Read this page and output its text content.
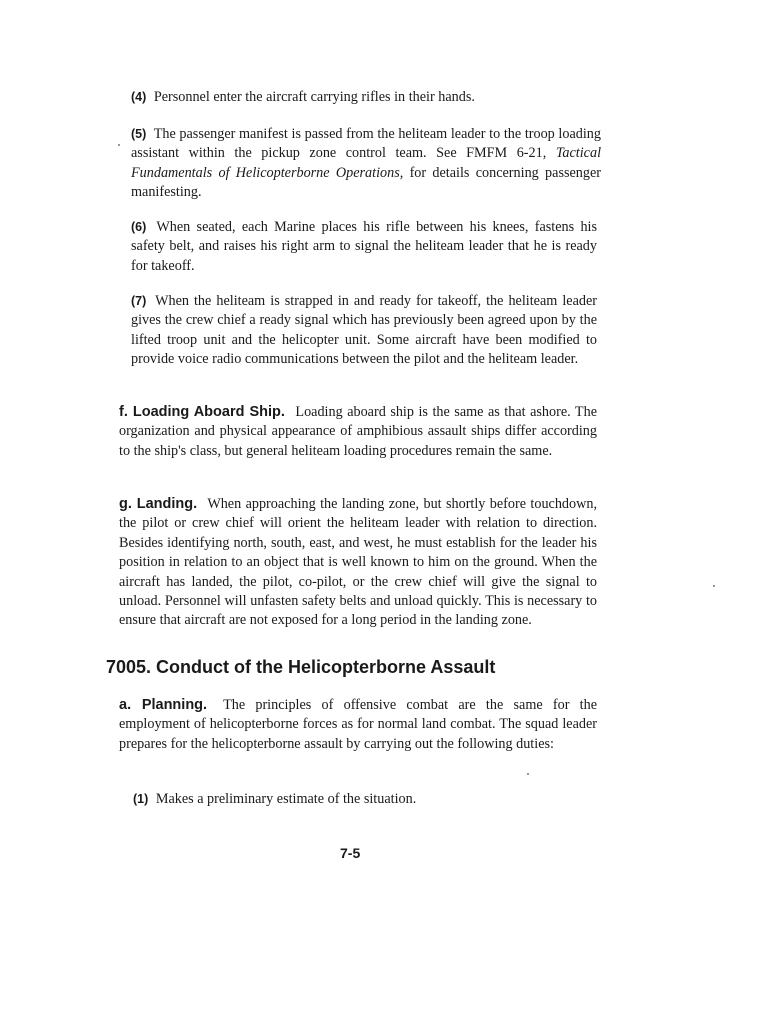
(4) Personnel enter the aircraft carrying rifles in their hands.

(5) The passenger manifest is passed from the heliteam leader to the troop loading assistant within the pickup zone control team. See FMFM 6-21, Tactical Fundamentals of Helicopterborne Operations, for details concerning passenger manifesting.

(6) When seated, each Marine places his rifle between his knees, fastens his safety belt, and raises his right arm to signal the heliteam leader that he is ready for takeoff.

(7) When the heliteam is strapped in and ready for takeoff, the heliteam leader gives the crew chief a ready signal which has previously been agreed upon by the lifted troop unit and the helicopter unit. Some aircraft have been modified to provide voice radio communications between the pilot and the heliteam leader.

f. Loading Aboard Ship. Loading aboard ship is the same as that ashore. The organization and physical appearance of amphibious assault ships differ according to the ship's class, but general heliteam loading procedures remain the same.

g. Landing. When approaching the landing zone, but shortly before touchdown, the pilot or crew chief will orient the heliteam leader with relation to direction. Besides identifying north, south, east, and west, he must establish for the leader his position in relation to an object that is well known to him on the ground. When the aircraft has landed, the pilot, co-pilot, or the crew chief will give the signal to unload. Personnel will unfasten safety belts and unload quickly. This is necessary to ensure that aircraft are not exposed for a long period in the landing zone.

7005. Conduct of the Helicopterborne Assault

a. Planning. The principles of offensive combat are the same for the employment of helicopterborne forces as for normal land combat. The squad leader prepares for the helicopterborne assault by carrying out the following duties:

(1) Makes a preliminary estimate of the situation.

7-5
